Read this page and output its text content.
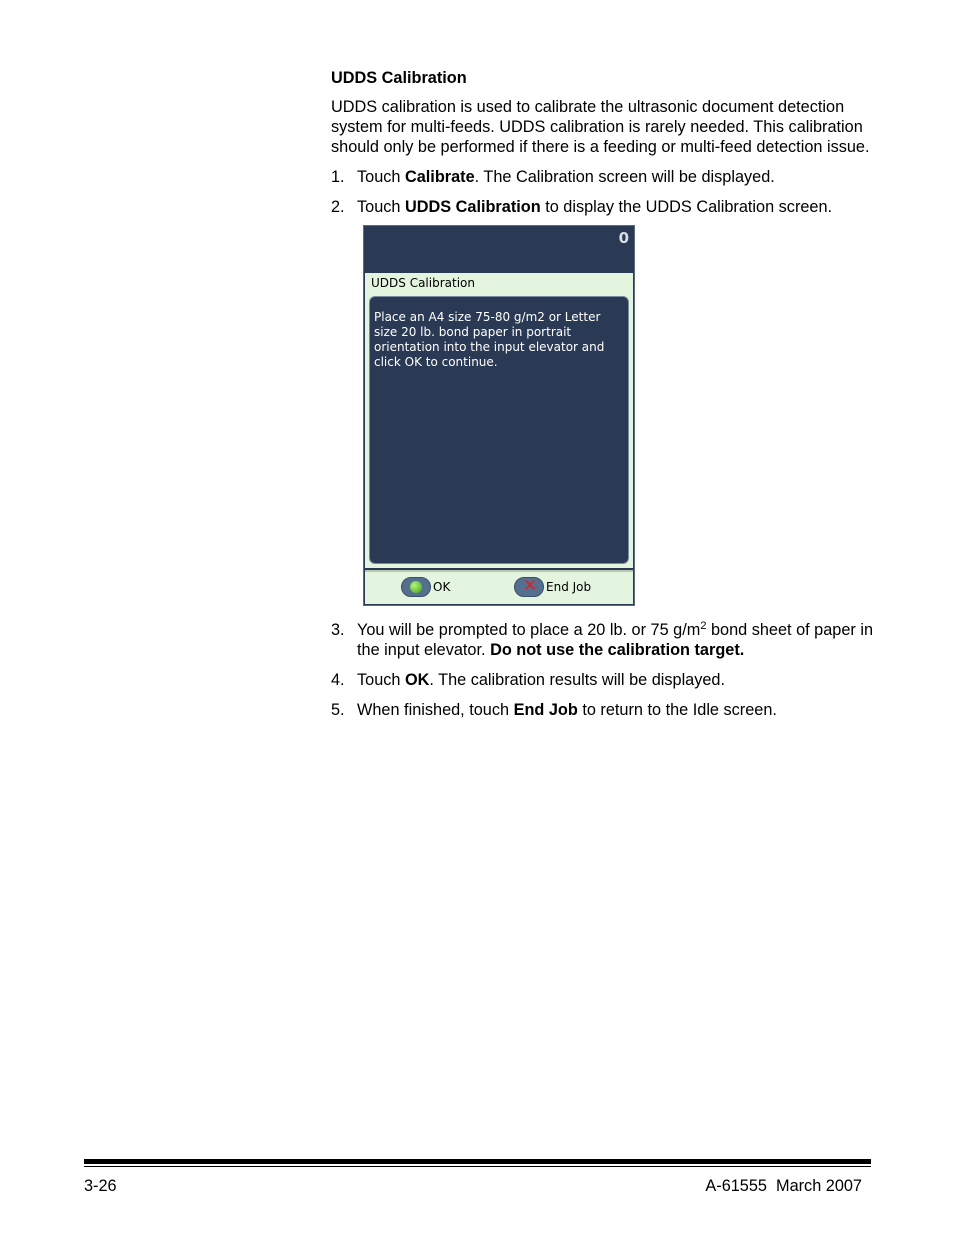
UDDS Calibration

UDDS calibration is used to calibrate the ultrasonic document detection system for multi-feeds. UDDS calibration is rarely needed. This calibration should only be performed if there is a feeding or multi-feed detection issue.

1. Touch Calibrate. The Calibration screen will be displayed.
2. Touch UDDS Calibration to display the UDDS Calibration screen.
0
UDDS Calibration
Place an A4 size 75-80 g/m2 or Letter size 20 lb. bond paper in portrait orientation into the input elevator and click OK to continue.
OK	✕ End Job
3. You will be prompted to place a 20 lb. or 75 $g/m^2$ bond sheet of paper in the input elevator. Do not use the calibration target.
4. Touch OK. The calibration results will be displayed.
5. When finished, touch End Job to return to the Idle screen.
3-26	A-61555  March 2007
